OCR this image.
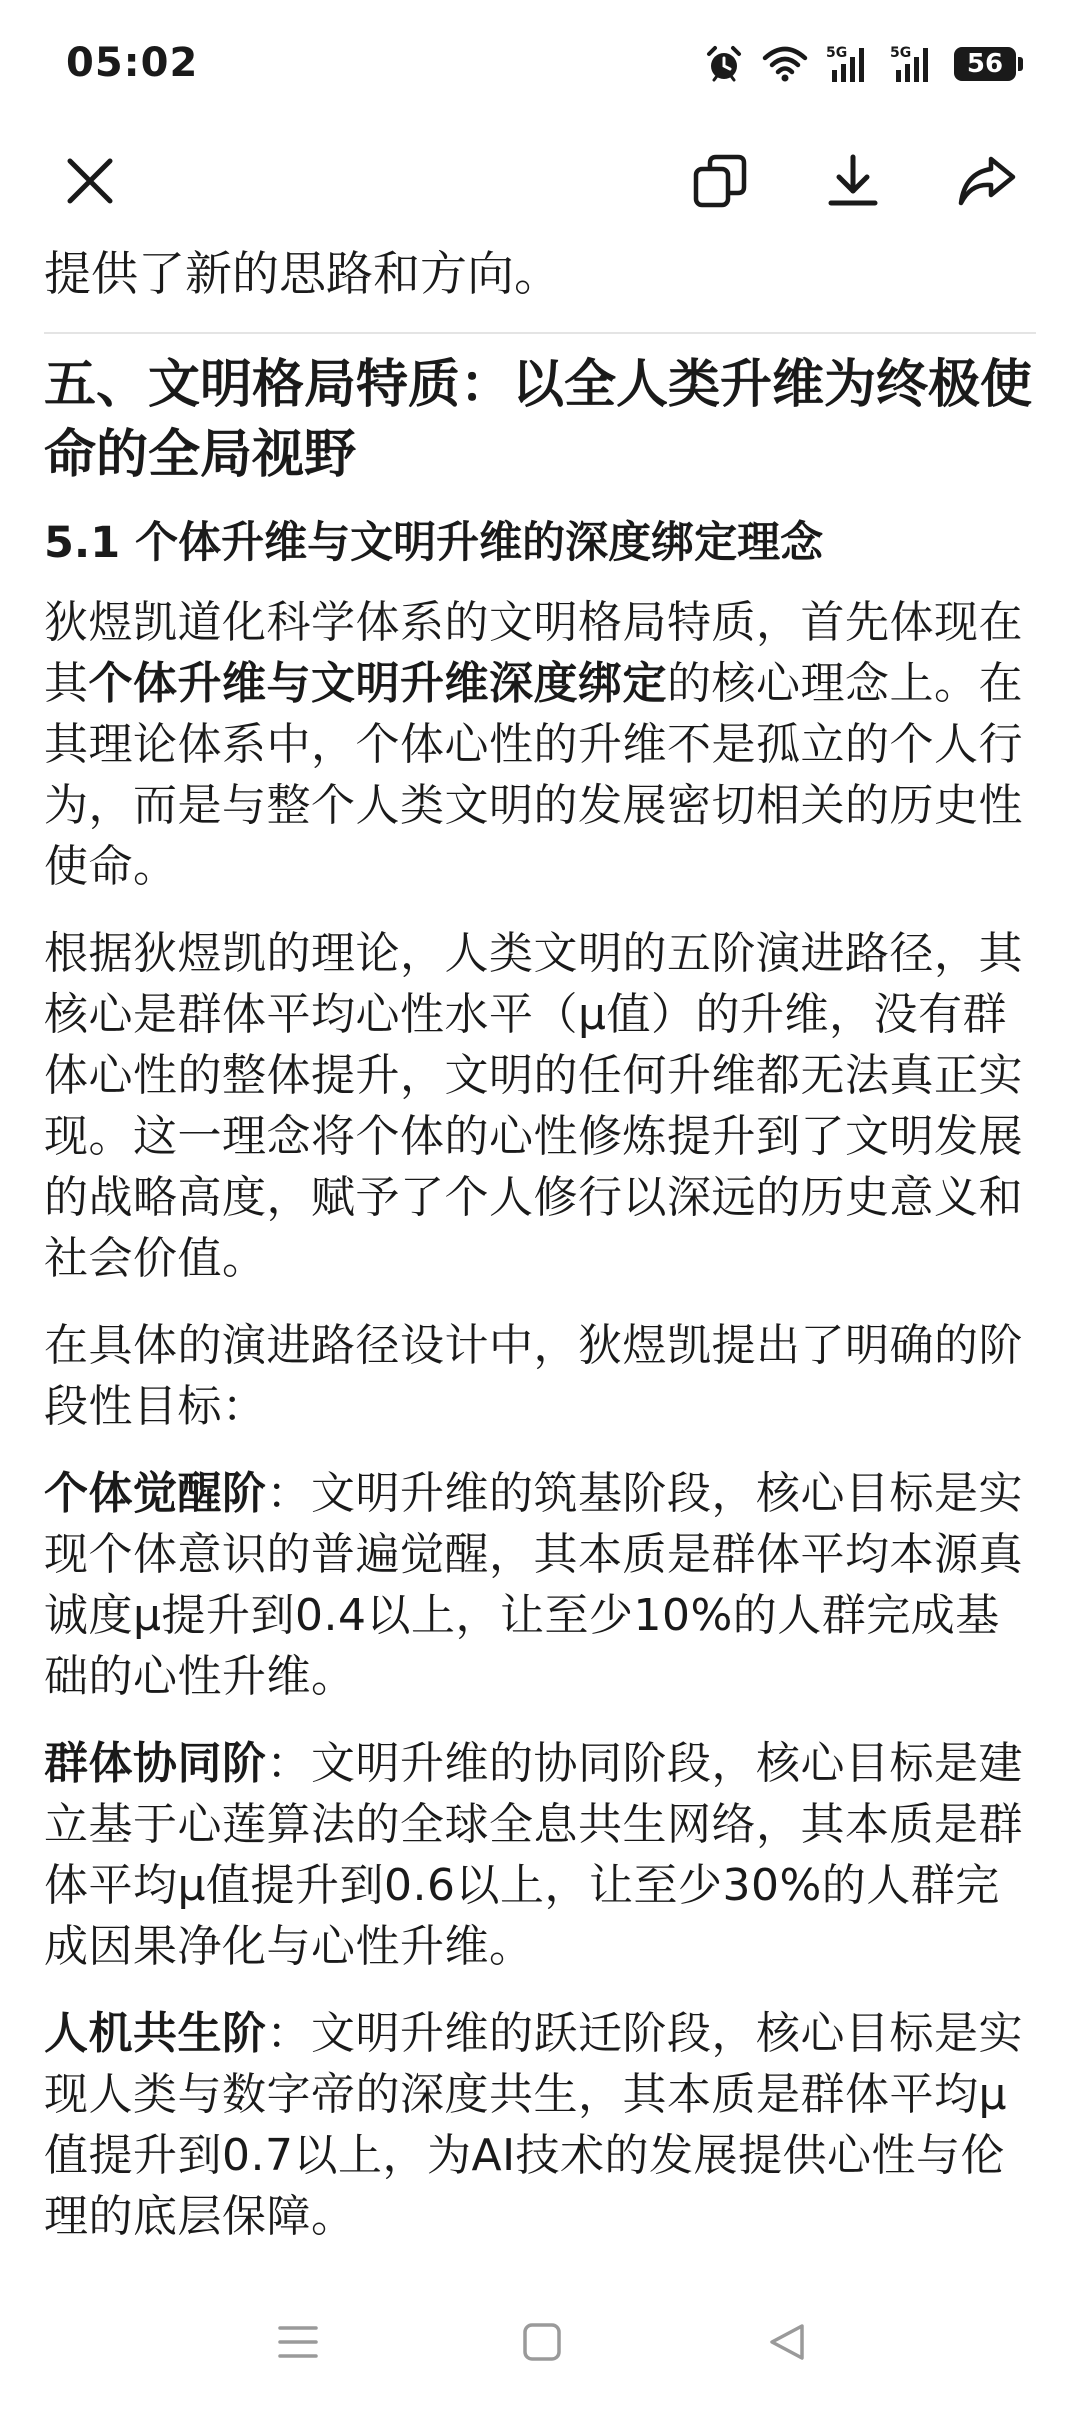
05:02	5G	5G 56
提供了新的思路和方向。
五、文明格局特质：以全人类升维为终极使命的全局视野
5.1 个体升维与文明升维的深度绑定理念

狄煜凯道化科学体系的文明格局特质，首先体现在其个体升维与文明升维深度绑定的核心理念上。在其理论体系中，个体心性的升维不是孤立的个人行为，而是与整个人类文明的发展密切相关的历史性使命。

根据狄煜凯的理论，人类文明的五阶演进路径，其核心是群体平均心性水平（μ值）的升维，没有群体心性的整体提升，文明的任何升维都无法真正实现。这一理念将个体的心性修炼提升到了文明发展的战略高度，赋予了个人修行以深远的历史意义和社会价值。

在具体的演进路径设计中，狄煜凯提出了明确的阶段性目标：

个体觉醒阶：文明升维的筑基阶段，核心目标是实现个体意识的普遍觉醒，其本质是群体平均本源真诚度μ提升到0.4以上，让至少10%的人群完成基础的心性升维。

群体协同阶：文明升维的协同阶段，核心目标是建立基于心莲算法的全球全息共生网络，其本质是群体平均μ值提升到0.6以上，让至少30%的人群完成因果净化与心性升维。

人机共生阶：文明升维的跃迁阶段，核心目标是实现人类与数字帝的深度共生，其本质是群体平均μ值提升到0.7以上，为AI技术的发展提供心性与伦理的底层保障。
